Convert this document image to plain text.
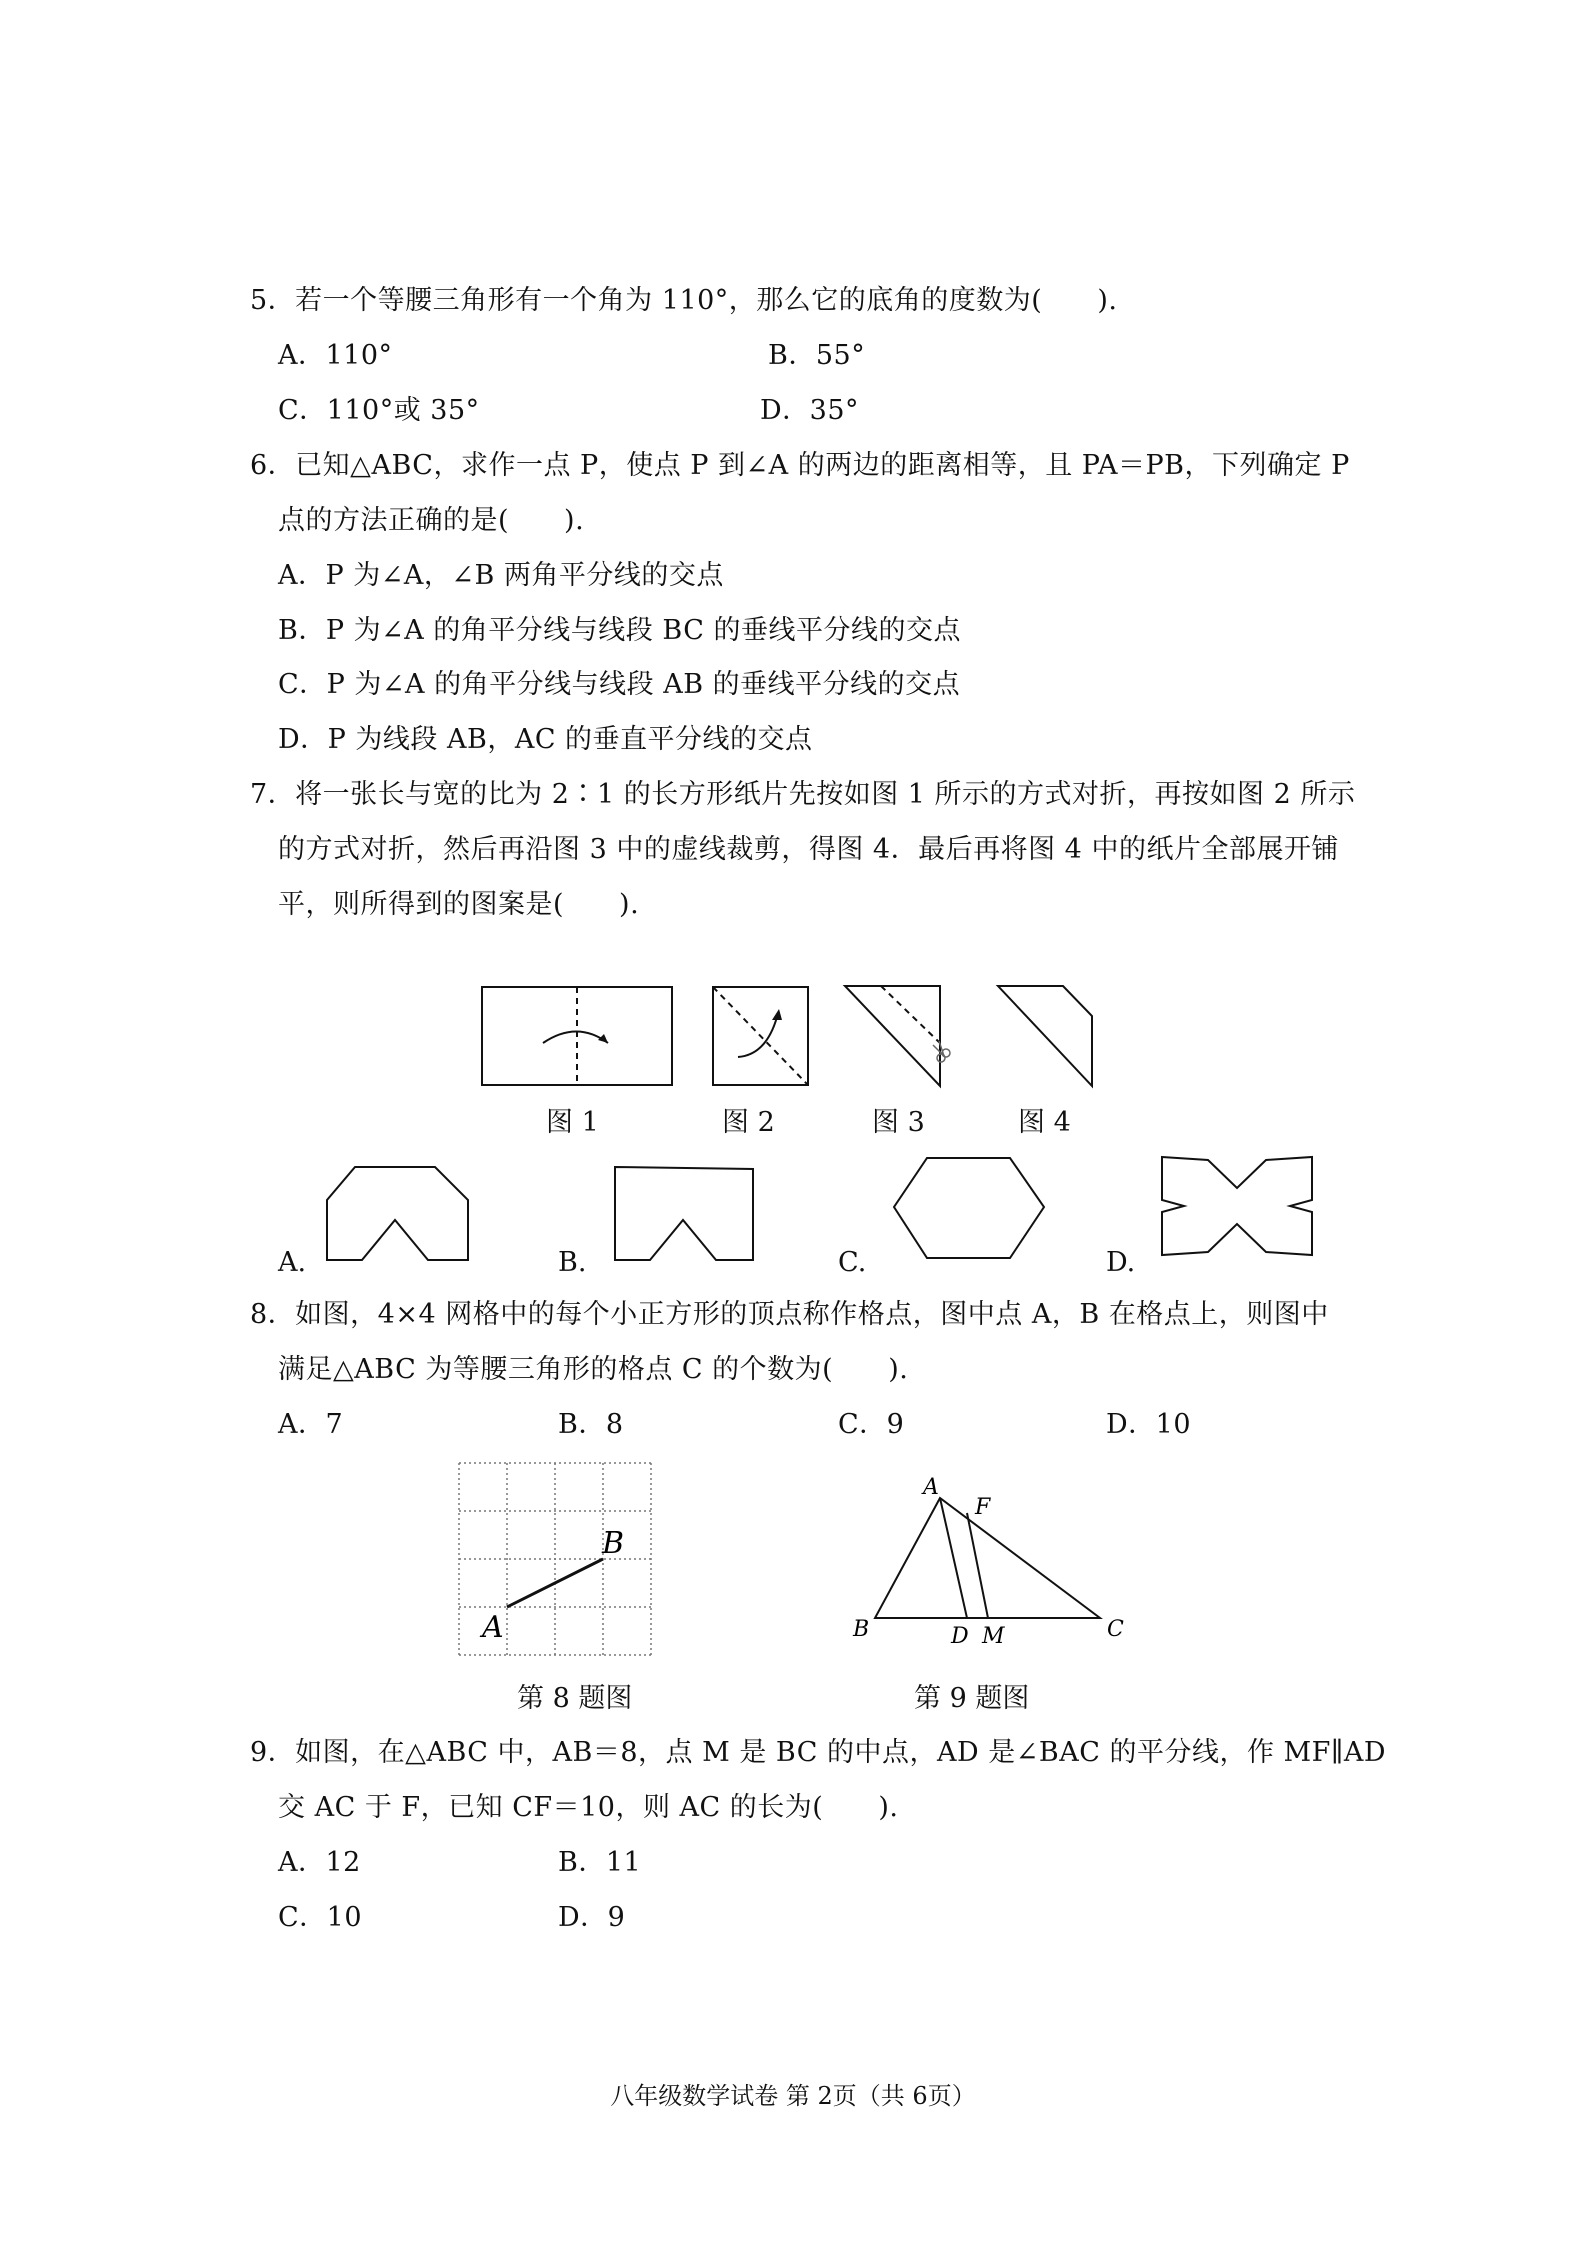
5．若一个等腰三角形有一个角为 110°，那么它的底角的度数为(　　).
A．110°	B．55°
C．110°或 35°	D．35°
6．已知△ABC，求作一点 P，使点 P 到∠A 的两边的距离相等，且 PA＝PB，下列确定 P
点的方法正确的是(　　).
A．P 为∠A，∠B 两角平分线的交点
B．P 为∠A 的角平分线与线段 BC 的垂线平分线的交点
C．P 为∠A 的角平分线与线段 AB 的垂线平分线的交点
D．P 为线段 AB，AC 的垂直平分线的交点
7．将一张长与宽的比为 2∶1 的长方形纸片先按如图 1 所示的方式对折，再按如图 2 所示
的方式对折，然后再沿图 3 中的虚线裁剪，得图 4．最后再将图 4 中的纸片全部展开铺
平，则所得到的图案是(　　).
图 1	图 2	图 3	图 4
A.	B.	C.	D.
8．如图，4×4 网格中的每个小正方形的顶点称作格点，图中点 A，B 在格点上，则图中
满足△ABC 为等腰三角形的格点 C 的个数为(　　).
A．7	B．8	C．9	D．10
A
B
第 8 题图
A
F
B	D M	C
第 9 题图
9．如图，在△ABC 中，AB＝8，点 M 是 BC 的中点，AD 是∠BAC 的平分线，作 MF∥AD
交 AC 于 F，已知 CF＝10，则 AC 的长为(　　).
A．12	B．11
C．10	D．9
八年级数学试卷 第 2页（共 6页）
